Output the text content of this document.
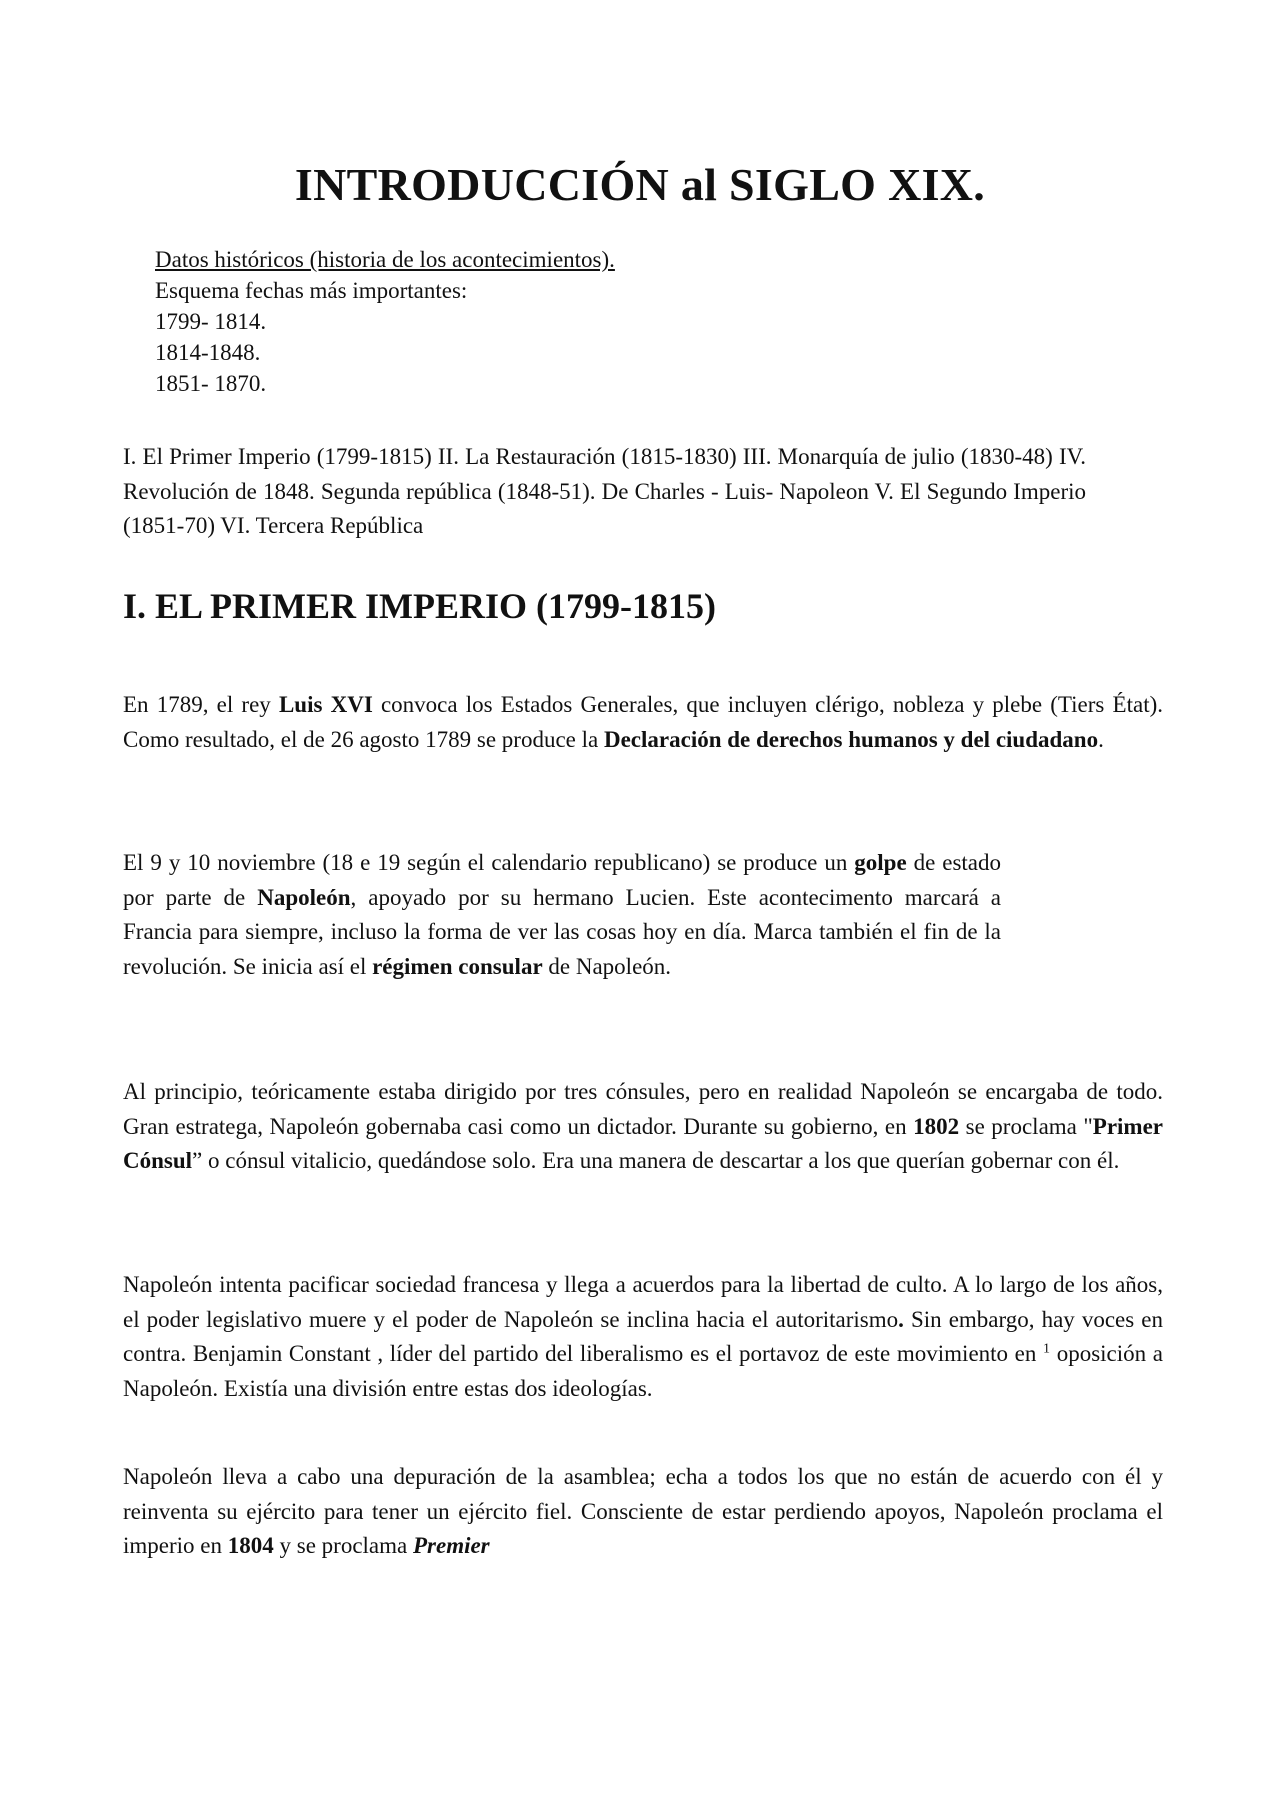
INTRODUCCIÓN al SIGLO XIX.
Datos históricos (historia de los acontecimientos).
Esquema fechas más importantes:
1799- 1814.
1814-1848.
1851- 1870.

I. El Primer Imperio (1799-1815) II. La Restauración (1815-1830) III. Monarquía de julio (1830-48) IV. Revolución de 1848. Segunda república (1848-51). De Charles - Luis- Napoleon V. El Segundo Imperio (1851-70) VI. Tercera República

I. EL PRIMER IMPERIO (1799-1815)

En 1789, el rey Luis XVI convoca los Estados Generales, que incluyen clérigo, nobleza y plebe (Tiers État). Como resultado, el de 26 agosto 1789 se produce la Declaración de derechos humanos y del ciudadano.

El 9 y 10 noviembre (18 e 19 según el calendario republicano) se produce un golpe de estado por parte de Napoleón, apoyado por su hermano Lucien. Este acontecimento marcará a Francia para siempre, incluso la forma de ver las cosas hoy en día. Marca también el fin de la revolución. Se inicia así el régimen consular de Napoleón.

Al principio, teóricamente estaba dirigido por tres cónsules, pero en realidad Napoleón se encargaba de todo. Gran estratega, Napoleón gobernaba casi como un dictador. Durante su gobierno, en 1802 se proclama "Primer Cónsul” o cónsul vitalicio, quedándose solo. Era una manera de descartar a los que querían gobernar con él.

Napoleón intenta pacificar sociedad francesa y llega a acuerdos para la libertad de culto. A lo largo de los años, el poder legislativo muere y el poder de Napoleón se inclina hacia el autoritarismo. Sin embargo, hay voces en contra. Benjamin Constant , líder del partido del liberalismo es el portavoz de este movimiento en $^1$ oposición a Napoleón. Existía una división entre estas dos ideologías.

Napoleón lleva a cabo una depuración de la asamblea; echa a todos los que no están de acuerdo con él y reinventa su ejército para tener un ejército fiel. Consciente de estar perdiendo apoyos, Napoleón proclama el imperio en 1804 y se proclama Premier
